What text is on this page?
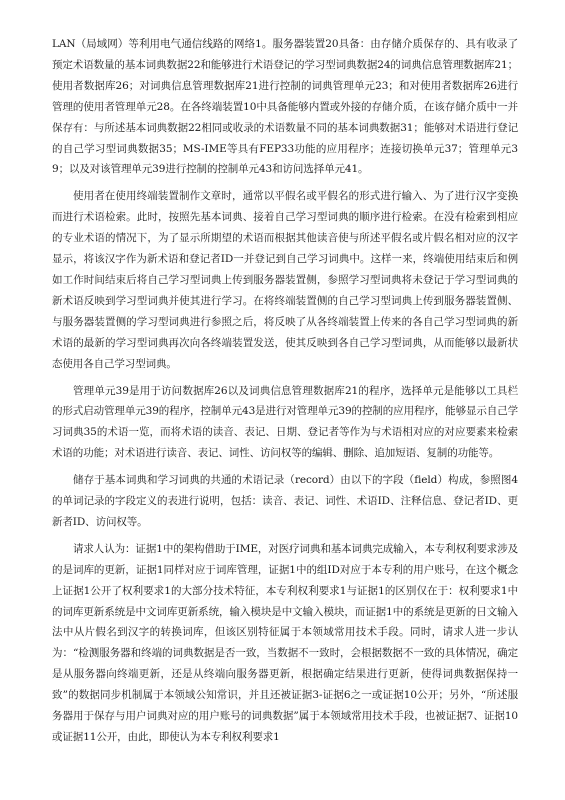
LAN（局域网）等利用电气通信线路的网络1。服务器装置20具备：由存储介质保存的、具有收录了预定术语数量的基本词典数据22和能够进行术语登记的学习型词典数据24的词典信息管理数据库21；使用者数据库26；对词典信息管理数据库21进行控制的词典管理单元23；和对使用者数据库26进行管理的使用者管理单元28。在各终端装置10中具备能够内置或外接的存储介质，在该存储介质中一并保存有：与所述基本词典数据22相同或收录的术语数量不同的基本词典数据31；能够对术语进行登记的自己学习型词典数据35；MS-IME等具有FEP33功能的应用程序；连接切换单元37；管理单元39；以及对该管理单元39进行控制的控制单元43和访问选择单元41。

使用者在使用终端装置制作文章时，通常以平假名或平假名的形式进行输入、为了进行汉字变换而进行术语检索。此时，按照先基本词典、接着自己学习型词典的顺序进行检索。在没有检索到相应的专业术语的情况下，为了显示所期望的术语而根据其他读音使与所述平假名或片假名相对应的汉字显示，将该汉字作为新术语和登记者ID一并登记到自己学习词典中。这样一来，终端使用结束后和例如工作时间结束后将自己学习型词典上传到服务器装置侧，参照学习型词典将未登记于学习型词典的新术语反映到学习型词典并使其进行学习。在将终端装置侧的自己学习型词典上传到服务器装置侧、与服务器装置侧的学习型词典进行参照之后，将反映了从各终端装置上传来的各自己学习型词典的新术语的最新的学习型词典再次向各终端装置发送，使其反映到各自己学习型词典，从而能够以最新状态使用各自己学习型词典。

管理单元39是用于访问数据库26以及词典信息管理数据库21的程序，选择单元是能够以工具栏的形式启动管理单元39的程序，控制单元43是进行对管理单元39的控制的应用程序，能够显示自己学习词典35的术语一览，而将术语的读音、表记、日期、登记者等作为与术语相对应的对应要素来检索术语的功能；对术语进行读音、表记、词性、访问权等的编辑、删除、追加短语、复制的功能等。

储存于基本词典和学习词典的共通的术语记录（record）由以下的字段（field）构成，参照图4的单词记录的字段定义的表进行说明，包括：读音、表记、词性、术语ID、注释信息、登记者ID、更新者ID、访问权等。

请求人认为：证据1中的架构借助于IME，对医疗词典和基本词典完成输入，本专利权利要求涉及的是词库的更新，证据1同样对应于词库管理，证据1中的组ID对应于本专利的用户账号，在这个概念上证据1公开了权利要求1的大部分技术特征，本专利权利要求1与证据1的区别仅在于：权利要求1中的词库更新系统是中文词库更新系统，输入模块是中文输入模块，而证据1中的系统是更新的日文输入法中从片假名到汉字的转换词库，但该区别特征属于本领域常用技术手段。同时，请求人进一步认为：“检测服务器和终端的词典数据是否一致，当数据不一致时，会根据数据不一致的具体情况，确定是从服务器向终端更新，还是从终端向服务器更新，根据确定结果进行更新，使得词典数据保持一致”的数据同步机制属于本领域公知常识，并且还被证据3-证据6之一或证据10公开；另外，“所述服务器用于保存与用户词典对应的用户账号的词典数据”属于本领域常用技术手段，也被证据7、证据10或证据11公开，由此，即使认为本专利权利要求1
